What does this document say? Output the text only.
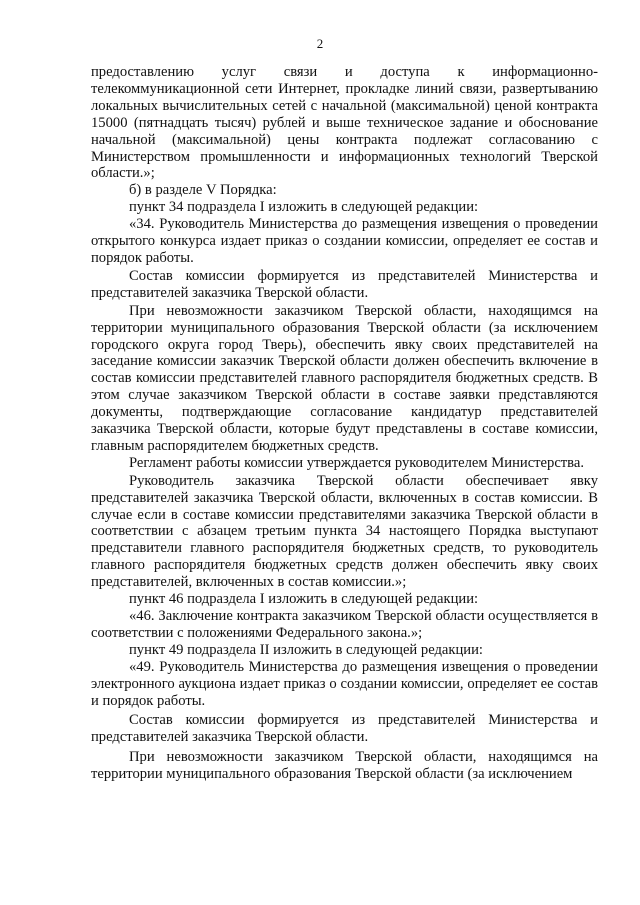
2

предоставлению услуг связи и доступа к информационно-телекоммуникационной сети Интернет, прокладке линий связи, развертыванию локальных вычислительных сетей с начальной (максимальной) ценой контракта 15000 (пятнадцать тысяч) рублей и выше техническое задание и обоснование начальной (максимальной) цены контракта подлежат согласованию с Министерством промышленности и информационных технологий Тверской области.»;

б) в разделе V Порядка:

пункт 34 подраздела I изложить в следующей редакции:

«34. Руководитель Министерства до размещения извещения о проведении открытого конкурса издает приказ о создании комиссии, определяет ее состав и порядок работы.

Состав комиссии формируется из представителей Министерства и представителей заказчика Тверской области.

При невозможности заказчиком Тверской области, находящимся на территории муниципального образования Тверской области (за исключением городского округа город Тверь), обеспечить явку своих представителей на заседание комиссии заказчик Тверской области должен обеспечить включение в состав комиссии представителей главного распорядителя бюджетных средств. В этом случае заказчиком Тверской области в составе заявки представляются документы, подтверждающие согласование кандидатур представителей заказчика Тверской области, которые будут представлены в составе комиссии, главным распорядителем бюджетных средств.

Регламент работы комиссии утверждается руководителем Министерства.

Руководитель заказчика Тверской области обеспечивает явку представителей заказчика Тверской области, включенных в состав комиссии. В случае если в составе комиссии представителями заказчика Тверской области в соответствии с абзацем третьим пункта 34 настоящего Порядка выступают представители главного распорядителя бюджетных средств, то руководитель главного распорядителя бюджетных средств должен обеспечить явку своих представителей, включенных в состав комиссии.»;

пункт 46 подраздела I изложить в следующей редакции:

«46. Заключение контракта заказчиком Тверской области осуществляется в соответствии с положениями Федерального закона.»;

пункт 49 подраздела II изложить в следующей редакции:

«49. Руководитель Министерства до размещения извещения о проведении электронного аукциона издает приказ о создании комиссии, определяет ее состав и порядок работы.

Состав комиссии формируется из представителей Министерства и представителей заказчика Тверской области.

При невозможности заказчиком Тверской области, находящимся на территории муниципального образования Тверской области (за исключением
